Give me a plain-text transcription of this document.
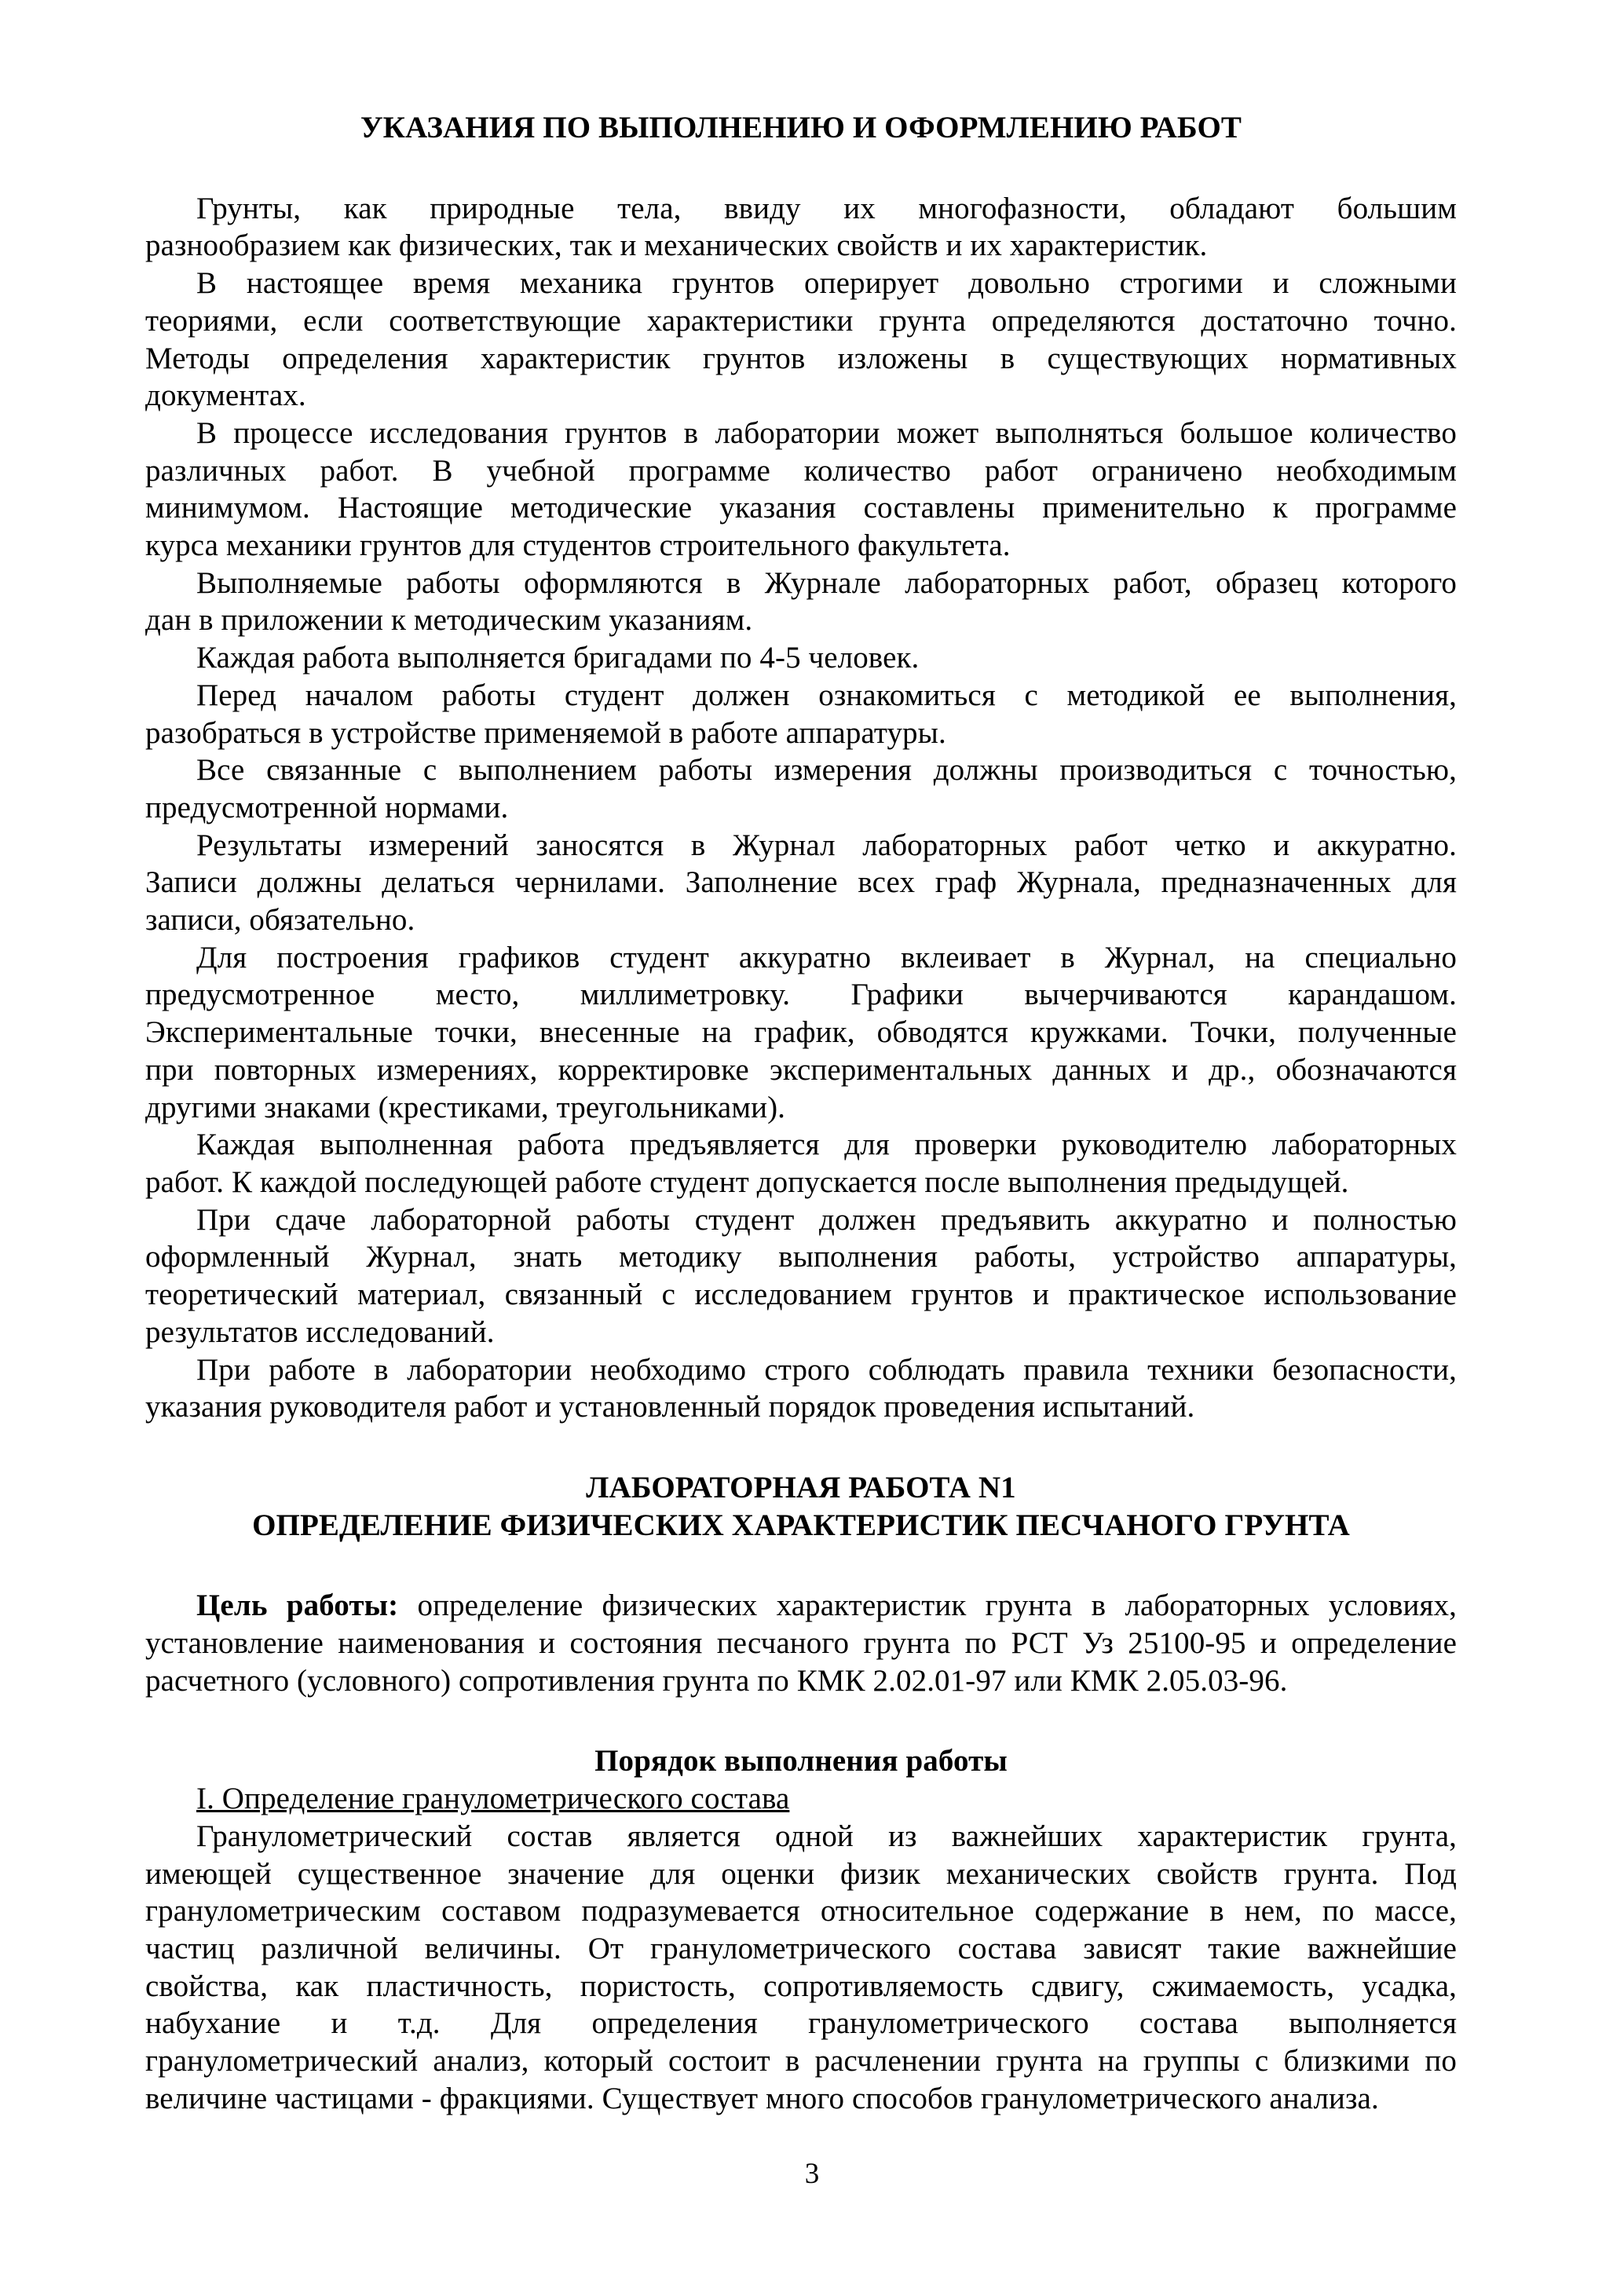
УКАЗАНИЯ ПО ВЫПОЛНЕНИЮ И ОФОРМЛЕНИЮ РАБОТ
Грунты, как природные тела, ввиду их многофазности, обладают большим
разнообразием как физических, так и механических свойств и их характеристик.
В настоящее время механика грунтов оперирует довольно строгими и сложными
теориями, если соответствующие характеристики грунта определяются достаточно точно.
Методы определения характеристик грунтов изложены в существующих нормативных
документах.
В процессе исследования грунтов в лаборатории может выполняться большое количество
различных работ. В учебной программе количество работ ограничено необходимым
минимумом. Настоящие методические указания составлены применительно к программе
курса механики грунтов для студентов строительного факультета.
Выполняемые работы оформляются в Журнале лабораторных работ, образец которого
дан в приложении к методическим указаниям.
Каждая работа выполняется бригадами по 4-5 человек.
Перед началом работы студент должен ознакомиться с методикой ее выполнения,
разобраться в устройстве применяемой в работе аппаратуры.
Все связанные с выполнением работы измерения должны производиться с точностью,
предусмотренной нормами.
Результаты измерений заносятся в Журнал лабораторных работ четко и аккуратно.
Записи должны делаться чернилами. Заполнение всех граф Журнала, предназначенных для
записи, обязательно.
Для построения графиков студент аккуратно вклеивает в Журнал, на специально
предусмотренное место, миллиметровку. Графики вычерчиваются карандашом.
Экспериментальные точки, внесенные на график, обводятся кружками. Точки, полученные
при повторных измерениях, корректировке экспериментальных данных и др., обозначаются
другими знаками (крестиками, треугольниками).
Каждая выполненная работа предъявляется для проверки руководителю лабораторных
работ. К каждой последующей работе студент допускается после выполнения предыдущей.
При сдаче лабораторной работы студент должен предъявить аккуратно и полностью
оформленный Журнал, знать методику выполнения работы, устройство аппаратуры,
теоретический материал, связанный с исследованием грунтов и практическое использование
результатов исследований.
При работе в лаборатории необходимо строго соблюдать правила техники безопасности,
указания руководителя работ и установленный порядок проведения испытаний.
ЛАБОРАТОРНАЯ РАБОТА N1
ОПРЕДЕЛЕНИЕ ФИЗИЧЕСКИХ ХАРАКТЕРИСТИК ПЕСЧАНОГО ГРУНТА
Цель работы: определение физических характеристик грунта в лабораторных условиях,
установление наименования и состояния песчаного грунта по РСТ Уз 25100-95 и определение
расчетного (условного) сопротивления грунта по КМК 2.02.01-97 или КМК 2.05.03-96.
Порядок выполнения работы
I. Определение гранулометрического состава
Гранулометрический состав является одной из важнейших характеристик грунта,
имеющей существенное значение для оценки физик механических свойств грунта. Под
гранулометрическим составом подразумевается относительное содержание в нем, по массе,
частиц различной величины. От гранулометрического состава зависят такие важнейшие
свойства, как пластичность, пористость, сопротивляемость сдвигу, сжимаемость, усадка,
набухание и т.д. Для определения гранулометрического состава выполняется
гранулометрический анализ, который состоит в расчленении грунта на группы с близкими по
величине частицами - фракциями. Существует много способов гранулометрического анализа.
3
